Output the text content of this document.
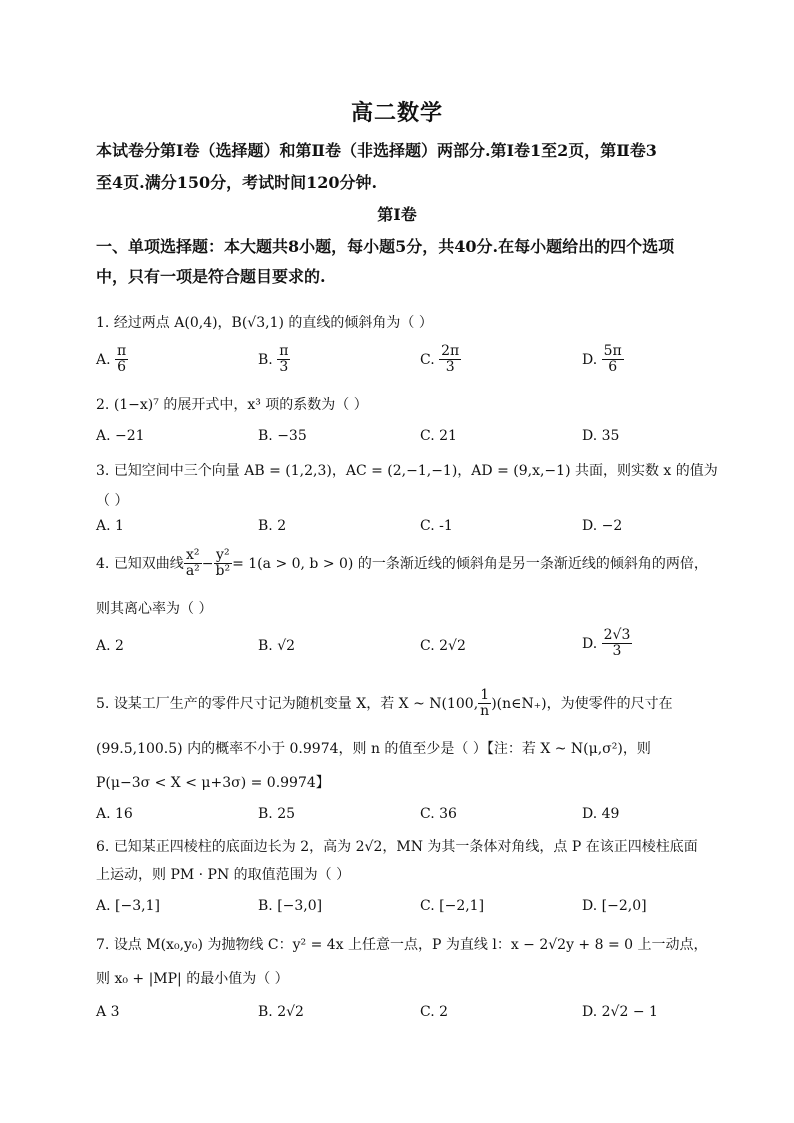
高二数学
本试卷分第Ⅰ卷（选择题）和第Ⅱ卷（非选择题）两部分.第Ⅰ卷1至2页，第Ⅱ卷3
至4页.满分150分，考试时间120分钟.
第Ⅰ卷
一、单项选择题：本大题共8小题，每小题5分，共40分.在每小题给出的四个选项
中，只有一项是符合题目要求的.
1. 经过两点 A(0,4)，B(√3,1) 的直线的倾斜角为（ ）
A. $\frac{\pi}{6}$	B. $\frac{\pi}{3}$	C. $\frac{2\pi}{3}$	D. $\frac{5\pi}{6}$
2. (1−x)⁷ 的展开式中，x³ 项的系数为（ ）
A. −21	B. −35	C. 21	D. 35
3. 已知空间中三个向量 AB = (1,2,3)，AC = (2,−1,−1)，AD = (9,x,−1) 共面，则实数 x 的值为
（ ）
A. 1	B. 2	C. -1	D. −2
4. 已知双曲线 $\frac{\text{x²}}{\text{a²}} - \frac{\text{y²}}{\text{b²}} = 1(a > 0$, b > 0) 的一条渐近线的倾斜角是另一条渐近线的倾斜角的两倍，
则其离心率为（ ）
A. 2	B. √2	C. 2√2	D. $\frac{2√3}{3}$
5. 设某工厂生产的零件尺寸记为随机变量 X，若 X ~ N(100, $\frac{1}{n}$ )(n∈N₊)，为使零件的尺寸在
(99.5,100.5) 内的概率不小于 0.9974，则 n 的值至少是（ ）【注：若 X ~ N(μ,σ²)，则
P(μ−3σ < X < μ+3σ) = 0.9974】
A. 16	B. 25	C. 36	D. 49
6. 已知某正四棱柱的底面边长为 2，高为 2√2，MN 为其一条体对角线，点 P 在该正四棱柱底面
上运动，则 PM · PN 的取值范围为（ ）
A. [−3,1]	B. [−3,0]	C. [−2,1]	D. [−2,0]
7. 设点 M(x₀,y₀) 为抛物线 C：y² = 4x 上任意一点，P 为直线 l：x − 2√2y + 8 = 0 上一动点，
则 x₀ + |MP| 的最小值为（ ）
A 3	B. 2√2	C. 2	D. 2√2 − 1
